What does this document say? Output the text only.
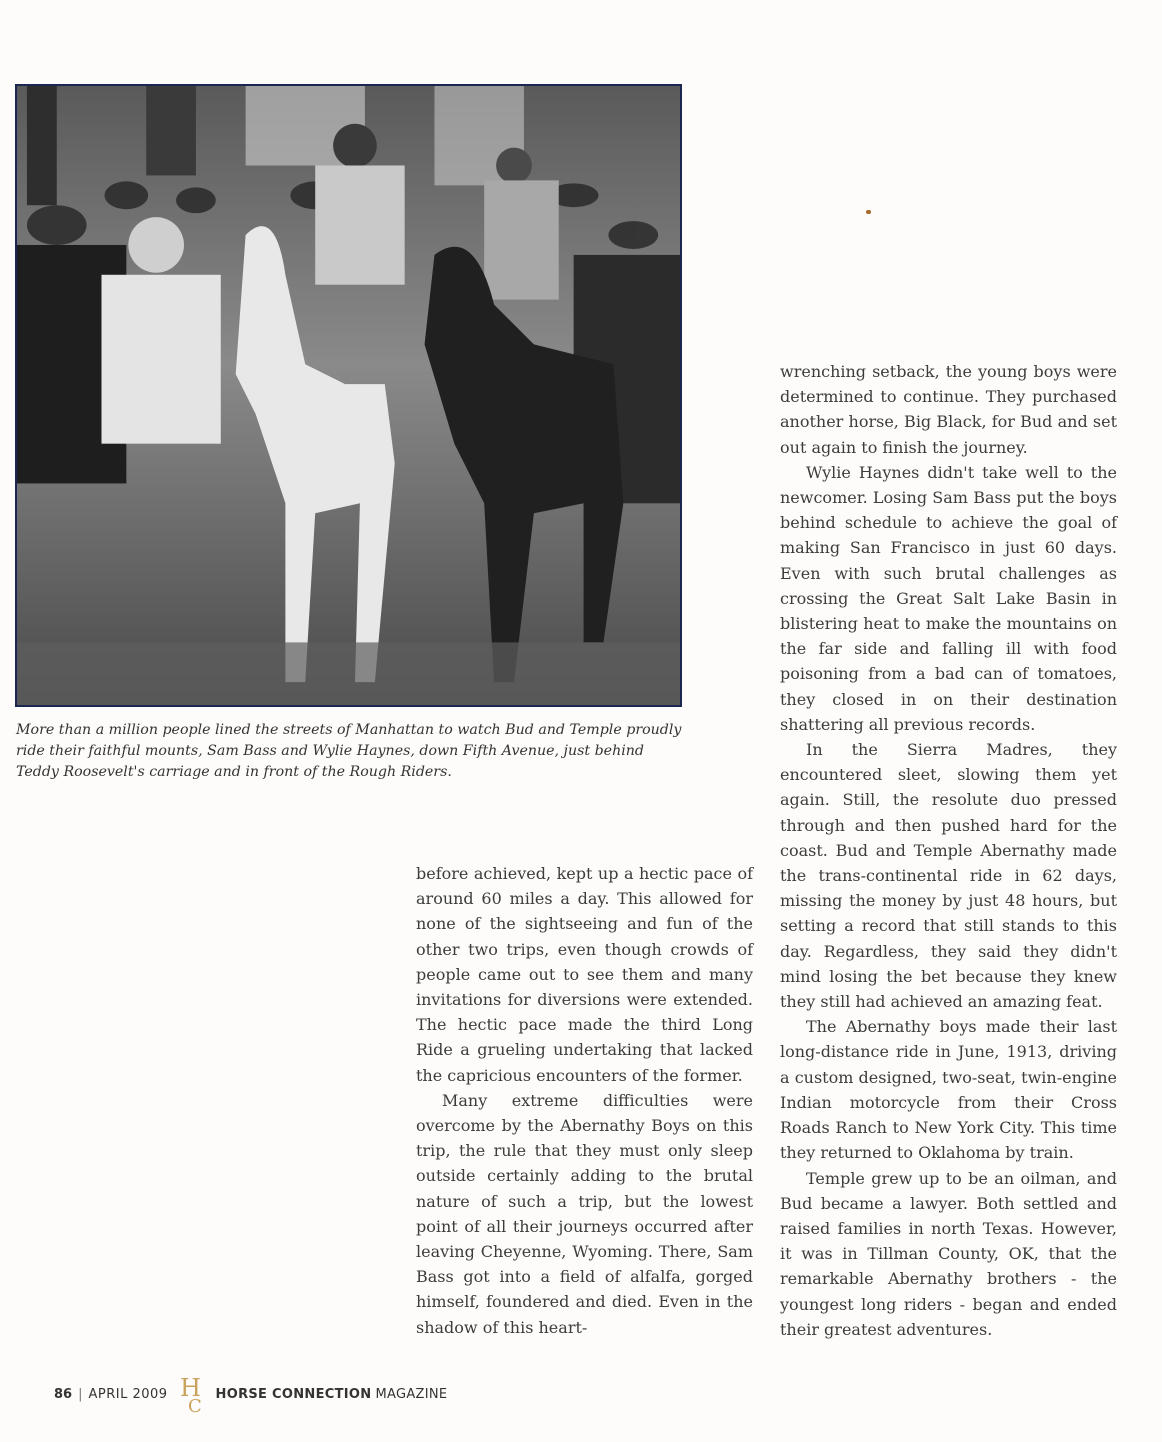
More than a million people lined the streets of Manhattan to watch Bud and Temple proudly ride their faithful mounts, Sam Bass and Wylie Haynes, down Fifth Avenue, just behind Teddy Roosevelt's carriage and in front of the Rough Riders.

before achieved, kept up a hectic pace of around 60 miles a day. This allowed for none of the sightseeing and fun of the other two trips, even though crowds of people came out to see them and many invitations for diversions were extended. The hectic pace made the third Long Ride a grueling undertaking that lacked the capricious encounters of the former.

Many extreme difficulties were overcome by the Abernathy Boys on this trip, the rule that they must only sleep outside certainly adding to the brutal nature of such a trip, but the lowest point of all their journeys occurred after leaving Cheyenne, Wyoming. There, Sam Bass got into a field of alfalfa, gorged himself, foundered and died. Even in the shadow of this heart-

wrenching setback, the young boys were determined to continue. They purchased another horse, Big Black, for Bud and set out again to finish the journey.

Wylie Haynes didn't take well to the newcomer. Losing Sam Bass put the boys behind schedule to achieve the goal of making San Francisco in just 60 days. Even with such brutal challenges as crossing the Great Salt Lake Basin in blistering heat to make the mountains on the far side and falling ill with food poisoning from a bad can of tomatoes, they closed in on their destination shattering all previous records.

In the Sierra Madres, they encountered sleet, slowing them yet again. Still, the resolute duo pressed through and then pushed hard for the coast. Bud and Temple Abernathy made the trans-continental ride in 62 days, missing the money by just 48 hours, but setting a record that still stands to this day. Regardless, they said they didn't mind losing the bet because they knew they still had achieved an amazing feat.

The Abernathy boys made their last long-distance ride in June, 1913, driving a custom designed, two-seat, twin-engine Indian motorcycle from their Cross Roads Ranch to New York City. This time they returned to Oklahoma by train.

Temple grew up to be an oilman, and Bud became a lawyer. Both settled and raised families in north Texas. However, it was in Tillman County, OK, that the remarkable Abernathy brothers - the youngest long riders - began and ended their greatest adventures.

86 | APRIL 2009 H
C
HORSE CONNECTION MAGAZINE
